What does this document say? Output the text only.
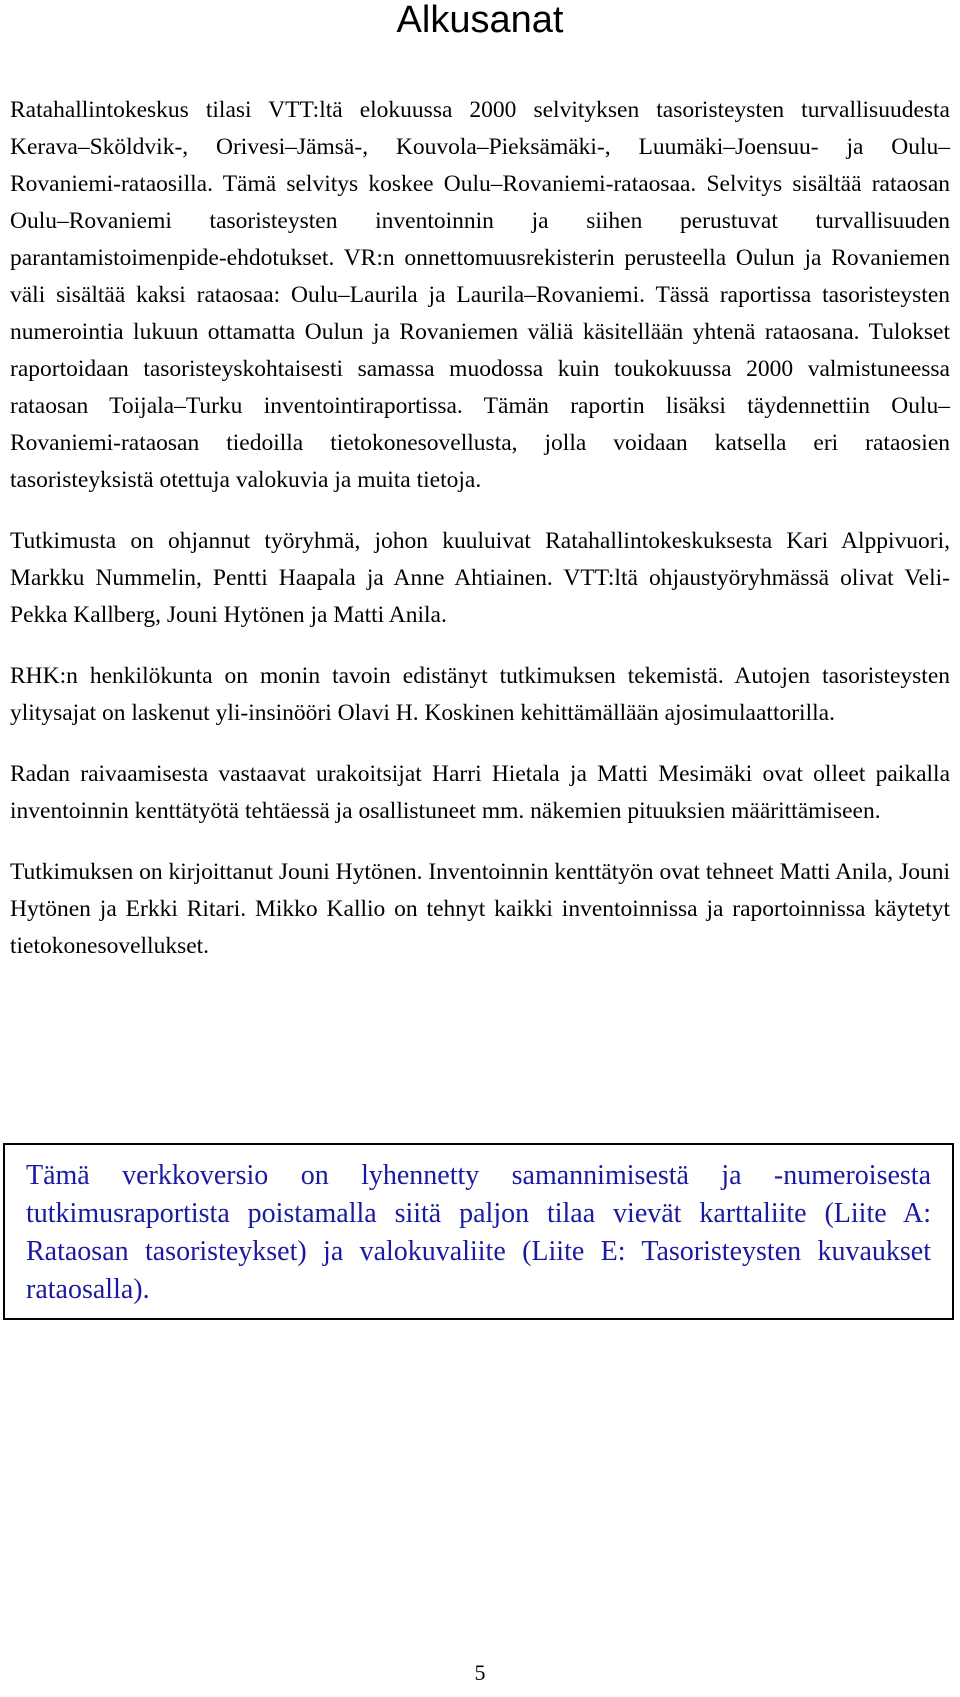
Alkusanat

Ratahallintokeskus tilasi VTT:ltä elokuussa 2000 selvityksen tasoristeysten turvallisuudesta Kerava–Sköldvik-, Orivesi–Jämsä-, Kouvola–Pieksämäki-, Luumäki–Joensuu- ja Oulu–Rovaniemi-rataosilla. Tämä selvitys koskee Oulu–Rovaniemi-rataosaa. Selvitys sisältää rataosan Oulu–Rovaniemi tasoristeysten inventoinnin ja siihen perustuvat turvallisuuden parantamistoimenpide-ehdotukset. VR:n onnettomuusrekisterin perusteella Oulun ja Rovaniemen väli sisältää kaksi rataosaa: Oulu–Laurila ja Laurila–Rovaniemi. Tässä raportissa tasoristeysten numerointia lukuun ottamatta Oulun ja Rovaniemen väliä käsitellään yhtenä rataosana. Tulokset raportoidaan tasoristeyskohtaisesti samassa muodossa kuin toukokuussa 2000 valmistuneessa rataosan Toijala–Turku inventointiraportissa. Tämän raportin lisäksi täydennettiin Oulu–Rovaniemi-rataosan tiedoilla tietokonesovellusta, jolla voidaan katsella eri rataosien tasoristeyksistä otettuja valokuvia ja muita tietoja.

Tutkimusta on ohjannut työryhmä, johon kuuluivat Ratahallintokeskuksesta Kari Alppivuori, Markku Nummelin, Pentti Haapala ja Anne Ahtiainen. VTT:ltä ohjaustyöryhmässä olivat Veli-Pekka Kallberg, Jouni Hytönen ja Matti Anila.

RHK:n henkilökunta on monin tavoin edistänyt tutkimuksen tekemistä. Autojen tasoristeysten ylitysajat on laskenut yli-insinööri Olavi H. Koskinen kehittämällään ajosimulaattorilla.

Radan raivaamisesta vastaavat urakoitsijat Harri Hietala ja Matti Mesimäki ovat olleet paikalla inventoinnin kenttätyötä tehtäessä ja osallistuneet mm. näkemien pituuksien määrittämiseen.

Tutkimuksen on kirjoittanut Jouni Hytönen. Inventoinnin kenttätyön ovat tehneet Matti Anila, Jouni Hytönen ja Erkki Ritari. Mikko Kallio on tehnyt kaikki inventoinnissa ja raportoinnissa käytetyt tietokonesovellukset.

Tämä verkkoversio on lyhennetty samannimisestä ja -numeroisesta tutkimusraportista poistamalla siitä paljon tilaa vievät karttaliite (Liite A: Rataosan tasoristeykset) ja valokuvaliite (Liite E: Tasoristeysten kuvaukset rataosalla).

5
